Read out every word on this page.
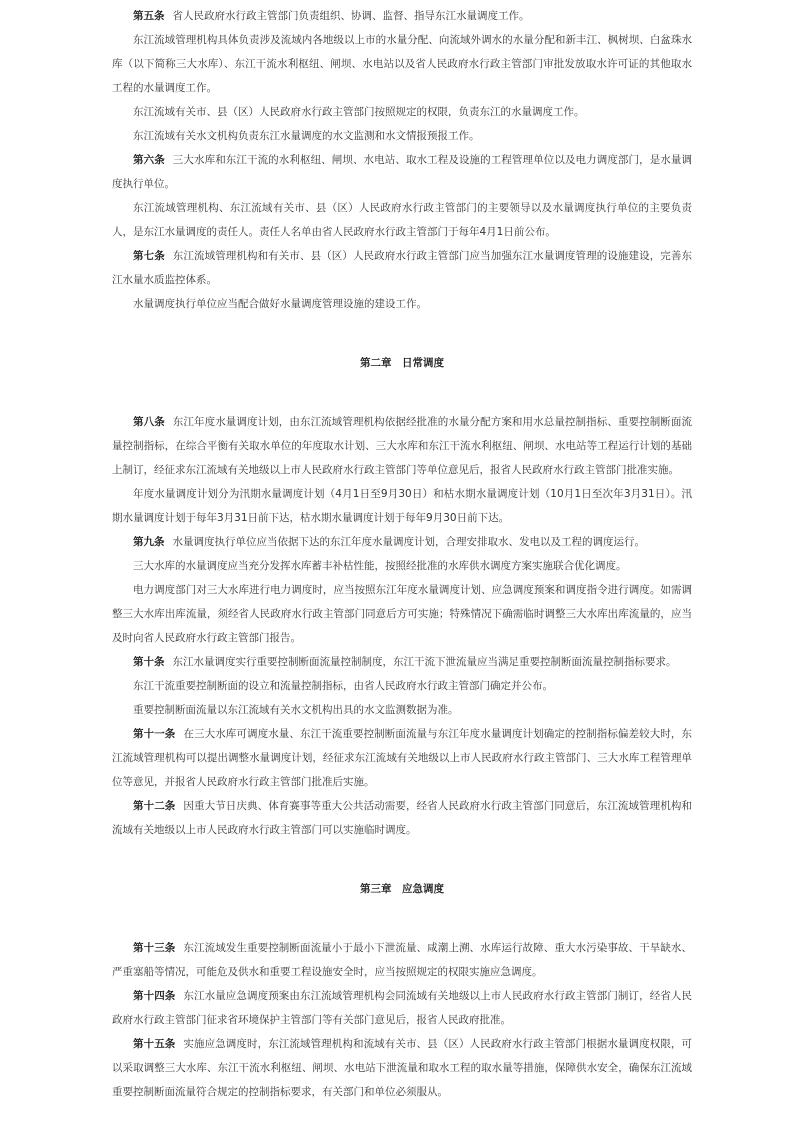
第五条 省人民政府水行政主管部门负责组织、协调、监督、指导东江水量调度工作。

东江流域管理机构具体负责涉及流域内各地级以上市的水量分配、向流域外调水的水量分配和新丰江、枫树坝、白盆珠水库（以下简称三大水库）、东江干流水利枢纽、闸坝、水电站以及省人民政府水行政主管部门审批发放取水许可证的其他取水工程的水量调度工作。

东江流域有关市、县（区）人民政府水行政主管部门按照规定的权限，负责东江的水量调度工作。

东江流域有关水文机构负责东江水量调度的水文监测和水文情报预报工作。

第六条 三大水库和东江干流的水利枢纽、闸坝、水电站、取水工程及设施的工程管理单位以及电力调度部门，是水量调度执行单位。

东江流域管理机构、东江流域有关市、县（区）人民政府水行政主管部门的主要领导以及水量调度执行单位的主要负责人，是东江水量调度的责任人。责任人名单由省人民政府水行政主管部门于每年4月1日前公布。

第七条 东江流域管理机构和有关市、县（区）人民政府水行政主管部门应当加强东江水量调度管理的设施建设，完善东江水量水质监控体系。

水量调度执行单位应当配合做好水量调度管理设施的建设工作。

第二章　日常调度

第八条 东江年度水量调度计划，由东江流域管理机构依据经批准的水量分配方案和用水总量控制指标、重要控制断面流量控制指标，在综合平衡有关取水单位的年度取水计划、三大水库和东江干流水利枢纽、闸坝、水电站等工程运行计划的基础上制订，经征求东江流域有关地级以上市人民政府水行政主管部门等单位意见后，报省人民政府水行政主管部门批准实施。

年度水量调度计划分为汛期水量调度计划（4月1日至9月30日）和枯水期水量调度计划（10月1日至次年3月31日）。汛期水量调度计划于每年3月31日前下达，枯水期水量调度计划于每年9月30日前下达。

第九条 水量调度执行单位应当依据下达的东江年度水量调度计划，合理安排取水、发电以及工程的调度运行。

三大水库的水量调度应当充分发挥水库蓄丰补枯性能，按照经批准的水库供水调度方案实施联合优化调度。

电力调度部门对三大水库进行电力调度时，应当按照东江年度水量调度计划、应急调度预案和调度指令进行调度。如需调整三大水库出库流量，须经省人民政府水行政主管部门同意后方可实施；特殊情况下确需临时调整三大水库出库流量的，应当及时向省人民政府水行政主管部门报告。

第十条 东江水量调度实行重要控制断面流量控制制度，东江干流下泄流量应当满足重要控制断面流量控制指标要求。

东江干流重要控制断面的设立和流量控制指标，由省人民政府水行政主管部门确定并公布。

重要控制断面流量以东江流域有关水文机构出具的水文监测数据为准。

第十一条 在三大水库可调度水量、东江干流重要控制断面流量与东江年度水量调度计划确定的控制指标偏差较大时，东江流域管理机构可以提出调整水量调度计划，经征求东江流域有关地级以上市人民政府水行政主管部门、三大水库工程管理单位等意见，并报省人民政府水行政主管部门批准后实施。

第十二条 因重大节日庆典、体育赛事等重大公共活动需要，经省人民政府水行政主管部门同意后，东江流域管理机构和流域有关地级以上市人民政府水行政主管部门可以实施临时调度。

第三章　应急调度

第十三条 东江流域发生重要控制断面流量小于最小下泄流量、咸潮上溯、水库运行故障、重大水污染事故、干旱缺水、严重塞船等情况，可能危及供水和重要工程设施安全时，应当按照规定的权限实施应急调度。

第十四条 东江水量应急调度预案由东江流域管理机构会同流域有关地级以上市人民政府水行政主管部门制订，经省人民政府水行政主管部门征求省环境保护主管部门等有关部门意见后，报省人民政府批准。

第十五条 实施应急调度时，东江流域管理机构和流域有关市、县（区）人民政府水行政主管部门根据水量调度权限，可以采取调整三大水库、东江干流水利枢纽、闸坝、水电站下泄流量和取水工程的取水量等措施，保障供水安全，确保东江流域重要控制断面流量符合规定的控制指标要求，有关部门和单位必须服从。
